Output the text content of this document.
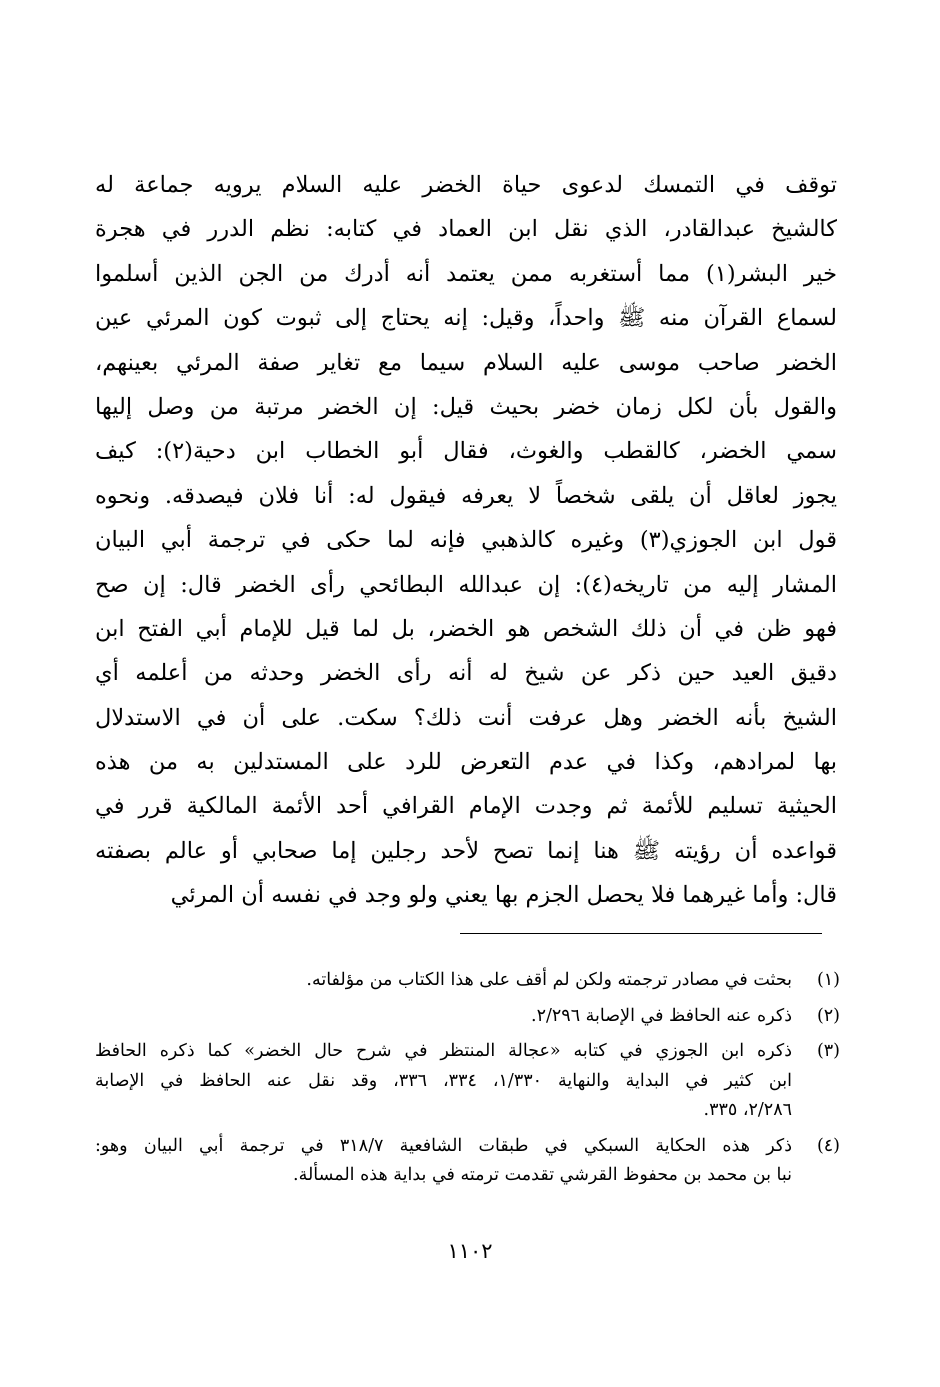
توقف في التمسك لدعوى حياة الخضر عليه السلام يرويه جماعة له
كالشيخ عبدالقادر، الذي نقل ابن العماد في كتابه: نظم الدرر في هجرة
خير البشر(١) مما أستغربه ممن يعتمد أنه أدرك من الجن الذين أسلموا
لسماع القرآن منه ﷺ واحداً، وقيل: إنه يحتاج إلى ثبوت كون المرئي عين
الخضر صاحب موسى عليه السلام سيما مع تغاير صفة المرئي بعينهم،
والقول بأن لكل زمان خضر بحيث قيل: إن الخضر مرتبة من وصل إليها
سمي الخضر، كالقطب والغوث، فقال أبو الخطاب ابن دحية(٢): كيف
يجوز لعاقل أن يلقى شخصاً لا يعرفه فيقول له: أنا فلان فيصدقه. ونحوه
قول ابن الجوزي(٣) وغيره كالذهبي فإنه لما حكى في ترجمة أبي البيان
المشار إليه من تاريخه(٤): إن عبدالله البطائحي رأى الخضر قال: إن صح
فهو ظن في أن ذلك الشخص هو الخضر، بل لما قيل للإمام أبي الفتح ابن
دقيق العيد حين ذكر عن شيخ له أنه رأى الخضر وحدثه من أعلمه أي
الشيخ بأنه الخضر وهل عرفت أنت ذلك؟ سكت. على أن في الاستدلال
بها لمرادهم، وكذا في عدم التعرض للرد على المستدلين به من هذه
الحيثية تسليم للأئمة ثم وجدت الإمام القرافي أحد الأئمة المالكية قرر في
قواعده أن رؤيته ﷺ هنا إنما تصح لأحد رجلين إما صحابي أو عالم بصفته
قال: وأما غيرهما فلا يحصل الجزم بها يعني ولو وجد في نفسه أن المرئي
(١)
بحثت في مصادر ترجمته ولكن لم أقف على هذا الكتاب من مؤلفاته.
(٢)
ذكره عنه الحافظ في الإصابة ٢/٢٩٦.
(٣)
ذكره ابن الجوزي في كتابه «عجالة المنتظر في شرح حال الخضر» كما ذكره الحافظ
ابن كثير في البداية والنهاية ١/٣٣٠، ٣٣٤، ٣٣٦، وقد نقل عنه الحافظ في الإصابة
٢/٢٨٦، ٣٣٥.
(٤)
ذكر هذه الحكاية السبكي في طبقات الشافعية ٣١٨/٧ في ترجمة أبي البيان وهو:
نبا بن محمد بن محفوظ القرشي تقدمت ترمته في بداية هذه المسألة.
١١٠٢
